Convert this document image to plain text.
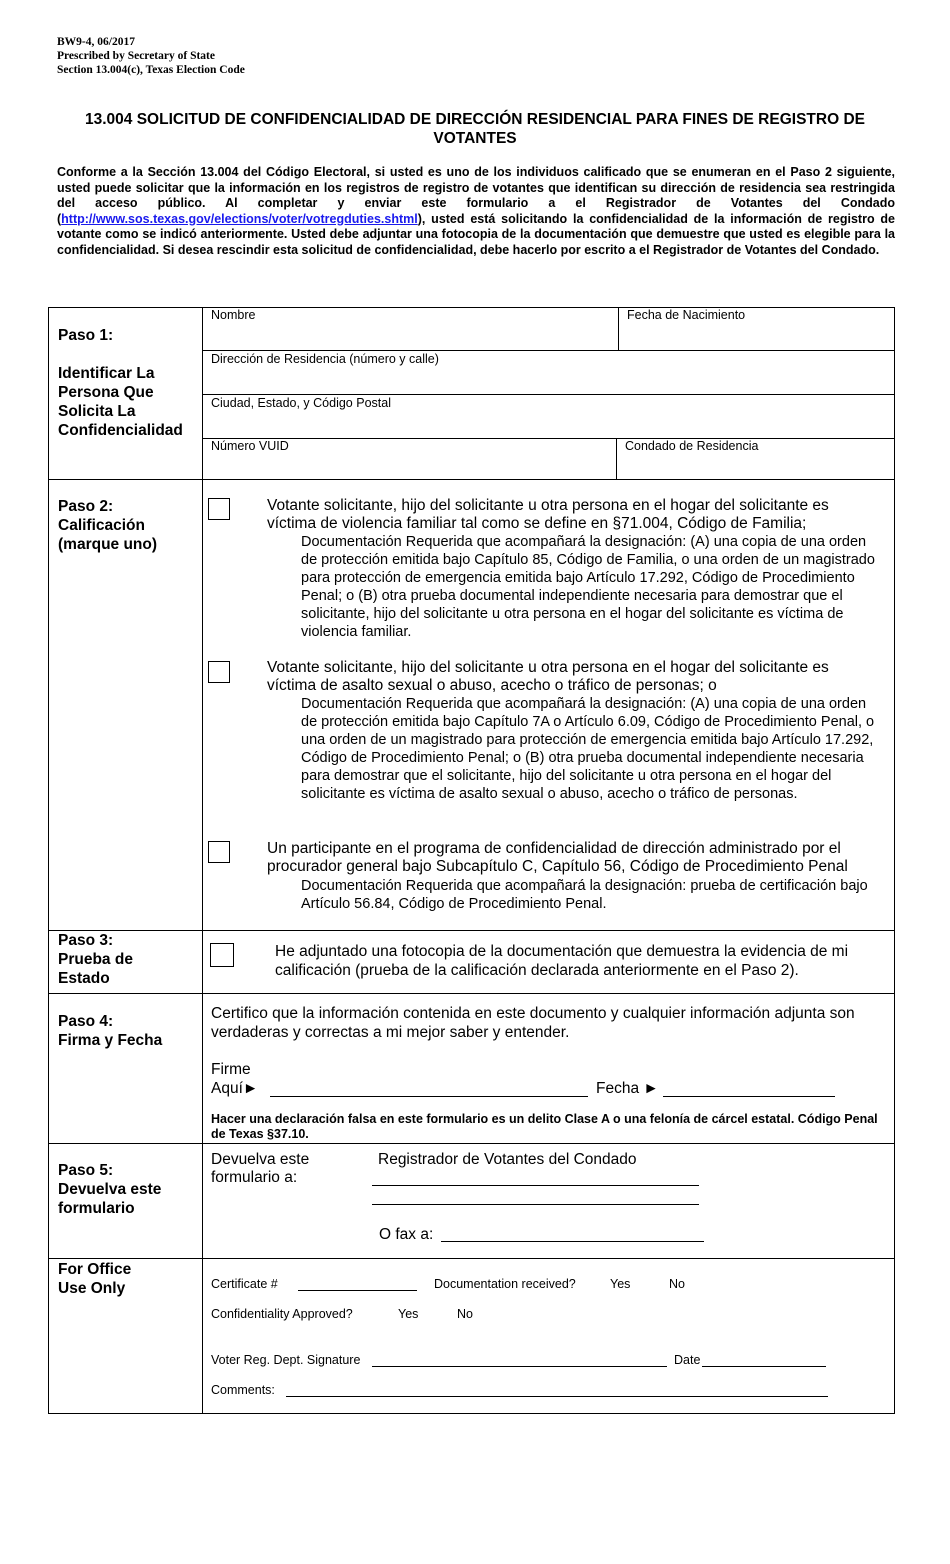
BW9-4, 06/2017
Prescribed by Secretary of State
Section 13.004(c), Texas Election Code
13.004 SOLICITUD DE CONFIDENCIALIDAD DE DIRECCIÓN RESIDENCIAL PARA FINES DE REGISTRO DE VOTANTES
Conforme a la Sección 13.004 del Código Electoral, si usted es uno de los individuos calificado que se enumeran en el Paso 2 siguiente, usted puede solicitar que la información en los registros de registro de votantes que identifican su dirección de residencia sea restringida del acceso público. Al completar y enviar este formulario a el Registrador de Votantes del Condado (http://www.sos.texas.gov/elections/voter/votregduties.shtml), usted está solicitando la confidencialidad de la información de registro de votante como se indicó anteriormente. Usted debe adjuntar una fotocopia de la documentación que demuestre que usted es elegible para la confidencialidad. Si desea rescindir esta solicitud de confidencialidad, debe hacerlo por escrito a el Registrador de Votantes del Condado.
Paso 1:
Identificar La Persona Que Solicita La Confidencialidad
Nombre	Fecha de Nacimiento
Dirección de Residencia (número y calle)
Ciudad, Estado, y Código Postal
Número VUID	Condado de Residencia
Paso 2:
Calificación
(marque uno)
Votante solicitante, hijo del solicitante u otra persona en el hogar del solicitante es víctima de violencia familiar tal como se define en §71.004, Código de Familia;
Documentación Requerida que acompañará la designación: (A) una copia de una orden de protección emitida bajo Capítulo 85, Código de Familia, o una orden de un magistrado para protección de emergencia emitida bajo Artículo 17.292, Código de Procedimiento Penal; o (B) otra prueba documental independiente necesaria para demostrar que el solicitante, hijo del solicitante u otra persona en el hogar del solicitante es víctima de violencia familiar.
Votante solicitante, hijo del solicitante u otra persona en el hogar del solicitante es víctima de asalto sexual o abuso, acecho o tráfico de personas; o
Documentación Requerida que acompañará la designación: (A) una copia de una orden de protección emitida bajo Capítulo 7A o Artículo 6.09, Código de Procedimiento Penal, o una orden de un magistrado para protección de emergencia emitida bajo Artículo 17.292, Código de Procedimiento Penal; o (B) otra prueba documental independiente necesaria para demostrar que el solicitante, hijo del solicitante u otra persona en el hogar del solicitante es víctima de asalto sexual o abuso, acecho o tráfico de personas.
Un participante en el programa de confidencialidad de dirección administrado por el procurador general bajo Subcapítulo C, Capítulo 56, Código de Procedimiento Penal
Documentación Requerida que acompañará la designación: prueba de certificación bajo Artículo 56.84, Código de Procedimiento Penal.
Paso 3:
Prueba de Estado
He adjuntado una fotocopia de la documentación que demuestra la evidencia de mi calificación (prueba de la calificación declarada anteriormente en el Paso 2).
Paso 4:
Firma y Fecha
Certifico que la información contenida en este documento y cualquier información adjunta son verdaderas y correctas a mi mejor saber y entender.
Firme
Aquí►	Fecha ►
Hacer una declaración falsa en este formulario es un delito Clase A o una felonía de cárcel estatal. Código Penal de Texas §37.10.
Paso 5:
Devuelva este formulario
Devuelva este
formulario a:
Registrador de Votantes del Condado
O fax a:
For Office Use Only	Certificate #	Documentation received?	Yes	No
Confidentiality Approved?	Yes	No
Voter Reg. Dept. Signature	Date
Comments:
